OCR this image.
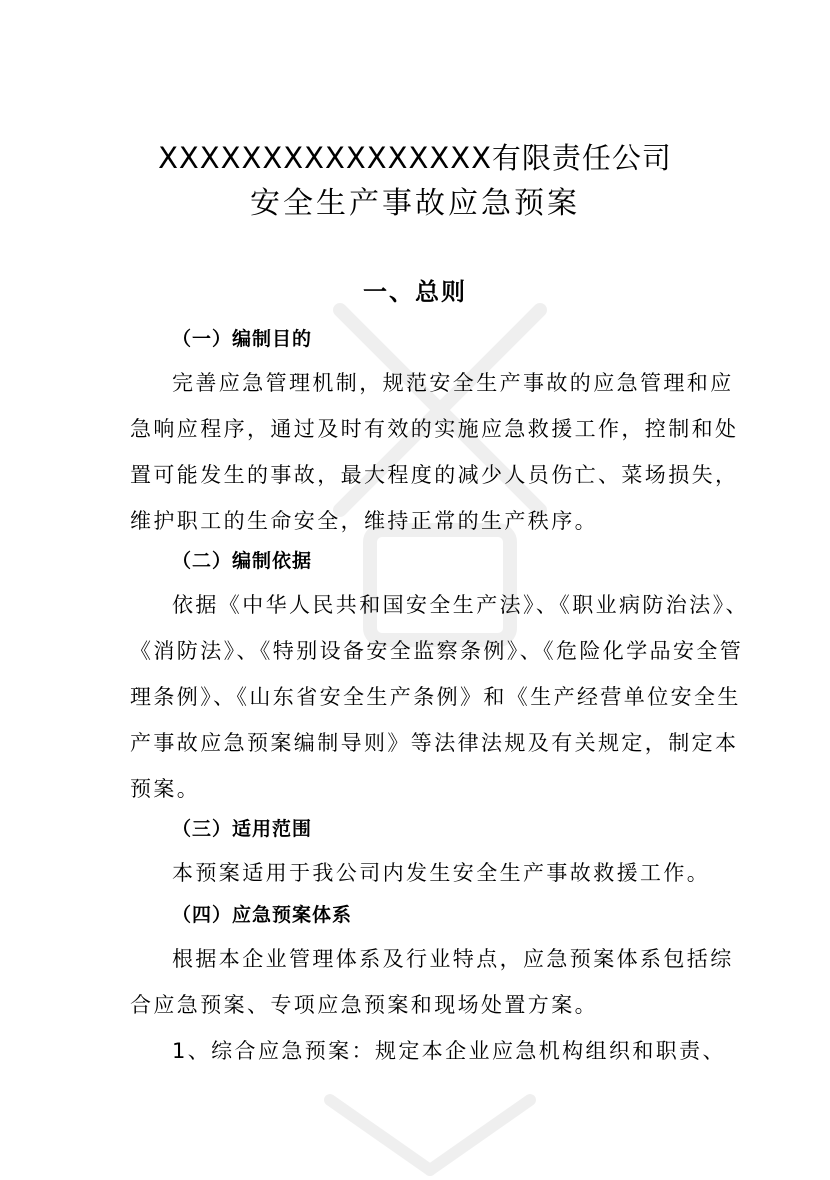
XXXXXXXXXXXXXXXX有限责任公司
安全生产事故应急预案
一、总则
（一）编制目的
完善应急管理机制，规范安全生产事故的应急管理和应
急响应程序，通过及时有效的实施应急救援工作，控制和处
置可能发生的事故，最大程度的减少人员伤亡、菜场损失，
维护职工的生命安全，维持正常的生产秩序。
（二）编制依据
依据《中华人民共和国安全生产法》、《职业病防治法》、
《消防法》、《特别设备安全监察条例》、《危险化学品安全管
理条例》、《山东省安全生产条例》和《生产经营单位安全生
产事故应急预案编制导则》等法律法规及有关规定，制定本
预案。
（三）适用范围
本预案适用于我公司内发生安全生产事故救援工作。
（四）应急预案体系
根据本企业管理体系及行业特点，应急预案体系包括综
合应急预案、专项应急预案和现场处置方案。
1、综合应急预案：规定本企业应急机构组织和职责、
